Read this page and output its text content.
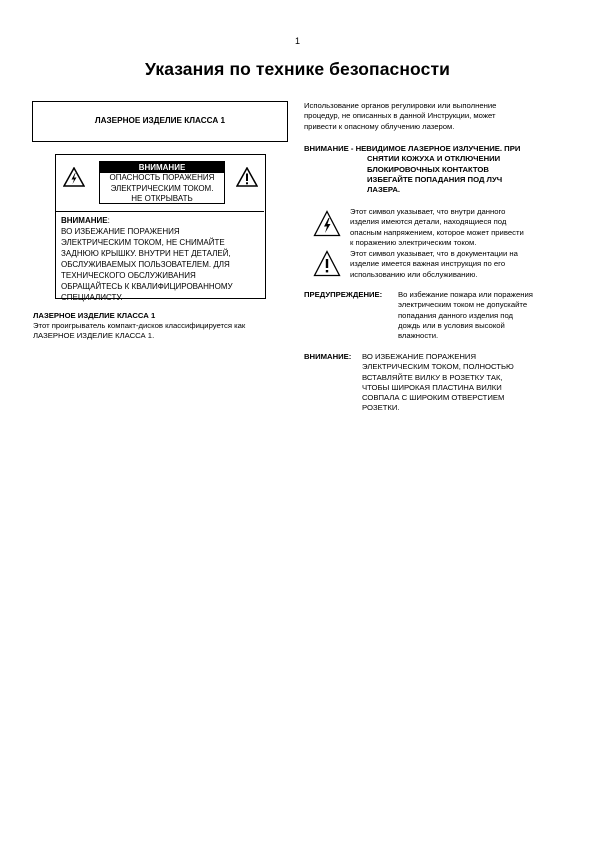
1
Указания по технике безопасности
ЛАЗЕРНОЕ ИЗДЕЛИЕ КЛАССА 1
ВНИМАНИЕ
ОПАСНОСТЬ ПОРАЖЕНИЯ
ЭЛЕКТРИЧЕСКИМ ТОКОМ.
НЕ ОТКРЫВАТЬ
ВНИМАНИЕ:
ВО ИЗБЕЖАНИЕ ПОРАЖЕНИЯ
ЭЛЕКТРИЧЕСКИМ ТОКОМ, НЕ СНИМАЙТЕ
ЗАДНЮЮ КРЫШКУ. ВНУТРИ НЕТ ДЕТАЛЕЙ,
ОБСЛУЖИВАЕМЫХ ПОЛЬЗОВАТЕЛЕМ. ДЛЯ
ТЕХНИЧЕСКОГО ОБСЛУЖИВАНИЯ
ОБРАЩАЙТЕСЬ К КВАЛИФИЦИРОВАННОМУ
СПЕЦИАЛИСТУ.
ЛАЗЕРНОЕ ИЗДЕЛИЕ КЛАССА 1
Этот проигрыватель компакт-дисков классифицируется как
ЛАЗЕРНОЕ ИЗДЕЛИЕ КЛАССА 1.
Использование органов регулировки или выполнение
процедур, не описанных в данной Инструкции, может
привести к опасному облучению лазером.
ВНИМАНИЕ - НЕВИДИМОЕ ЛАЗЕРНОЕ ИЗЛУЧЕНИЕ. ПРИ
СНЯТИИ КОЖУХА И ОТКЛЮЧЕНИИ
БЛОКИРОВОЧНЫХ КОНТАКТОВ
ИЗБЕГАЙТЕ ПОПАДАНИЯ ПОД ЛУЧ
ЛАЗЕРА.
Этот символ указывает, что внутри данного
изделия имеются детали, находящиеся под
опасным напряжением, которое может привести
к поражению электрическим током.
Этот символ указывает, что в документации на
изделие имеется важная инструкция по его
использованию или обслуживанию.
ПРЕДУПРЕЖДЕНИЕ: Во избежание пожара или поражения
электрическим током не допускайте
попадания данного изделия под
дождь или в условия высокой
влажности.
ВНИМАНИЕ: ВО ИЗБЕЖАНИЕ ПОРАЖЕНИЯ
ЭЛЕКТРИЧЕСКИМ ТОКОМ, ПОЛНОСТЬЮ
ВСТАВЛЯЙТЕ ВИЛКУ В РОЗЕТКУ ТАК,
ЧТОБЫ ШИРОКАЯ ПЛАСТИНА ВИЛКИ
СОВПАЛА С ШИРОКИМ ОТВЕРСТИЕМ
РОЗЕТКИ.
